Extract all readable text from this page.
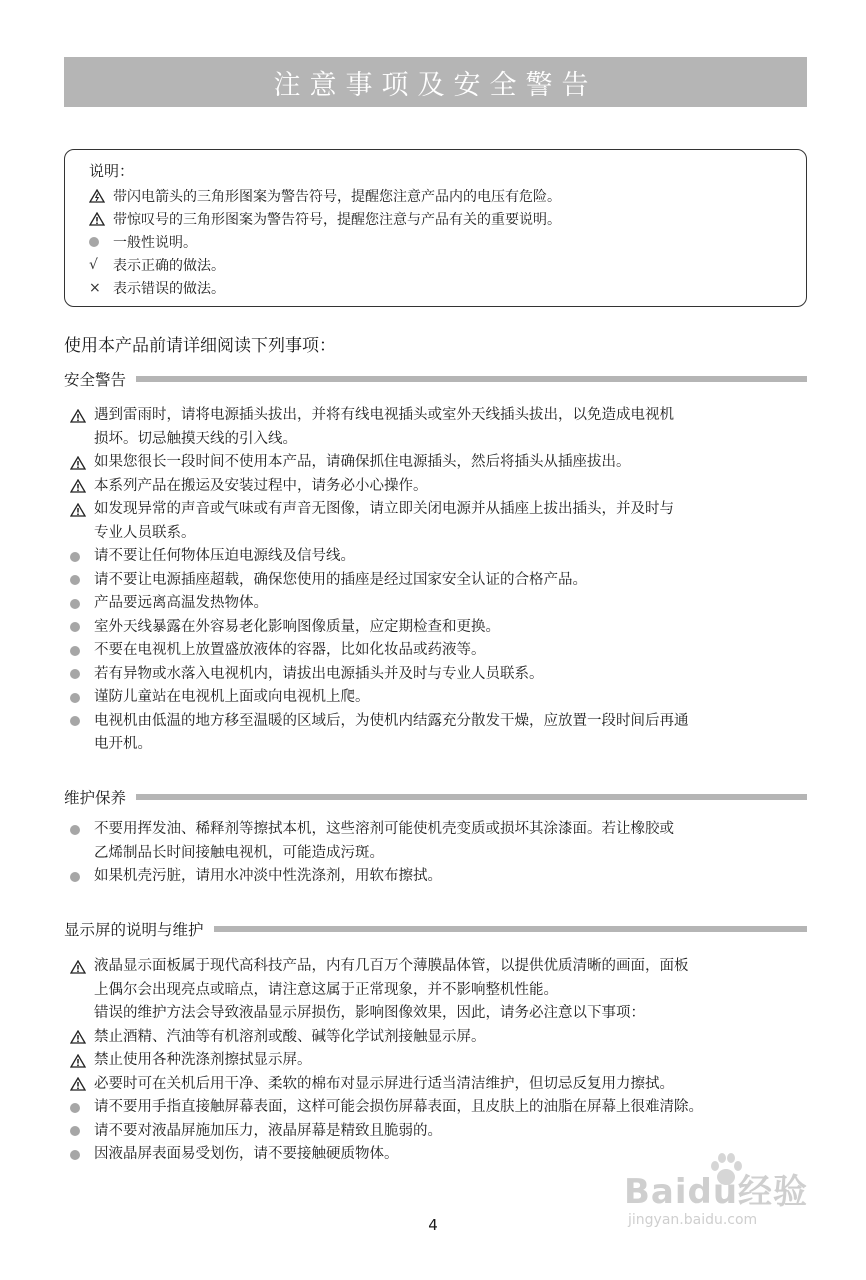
注意事项及安全警告
说明：
带闪电箭头的三角形图案为警告符号，提醒您注意产品内的电压有危险。
带惊叹号的三角形图案为警告符号，提醒您注意与产品有关的重要说明。
一般性说明。
√	表示正确的做法。
× 表示错误的做法。
使用本产品前请详细阅读下列事项：
安全警告
遇到雷雨时，请将电源插头拔出，并将有线电视插头或室外天线插头拔出，以免造成电视机
损坏。切忌触摸天线的引入线。
如果您很长一段时间不使用本产品，请确保抓住电源插头，然后将插头从插座拔出。
本系列产品在搬运及安装过程中，请务必小心操作。
如发现异常的声音或气味或有声音无图像，请立即关闭电源并从插座上拔出插头，并及时与
专业人员联系。
请不要让任何物体压迫电源线及信号线。
请不要让电源插座超载，确保您使用的插座是经过国家安全认证的合格产品。
产品要远离高温发热物体。
室外天线暴露在外容易老化影响图像质量，应定期检查和更换。
不要在电视机上放置盛放液体的容器，比如化妆品或药液等。
若有异物或水落入电视机内，请拔出电源插头并及时与专业人员联系。
谨防儿童站在电视机上面或向电视机上爬。
电视机由低温的地方移至温暖的区域后，为使机内结露充分散发干燥，应放置一段时间后再通
电开机。
维护保养
不要用挥发油、稀释剂等擦拭本机，这些溶剂可能使机壳变质或损坏其涂漆面。若让橡胶或
乙烯制品长时间接触电视机，可能造成污斑。
如果机壳污脏，请用水冲淡中性洗涤剂，用软布擦拭。
显示屏的说明与维护
液晶显示面板属于现代高科技产品，内有几百万个薄膜晶体管，以提供优质清晰的画面，面板
上偶尔会出现亮点或暗点，请注意这属于正常现象，并不影响整机性能。
错误的维护方法会导致液晶显示屏损伤，影响图像效果，因此，请务必注意以下事项：
禁止酒精、汽油等有机溶剂或酸、碱等化学试剂接触显示屏。
禁止使用各种洗涤剂擦拭显示屏。
必要时可在关机后用干净、柔软的棉布对显示屏进行适当清洁维护，但切忌反复用力擦拭。
请不要用手指直接触屏幕表面，这样可能会损伤屏幕表面，且皮肤上的油脂在屏幕上很难清除。
请不要对液晶屏施加压力，液晶屏幕是精致且脆弱的。
因液晶屏表面易受划伤，请不要接触硬质物体。
4
Baidu经验
jingyan.baidu.com
